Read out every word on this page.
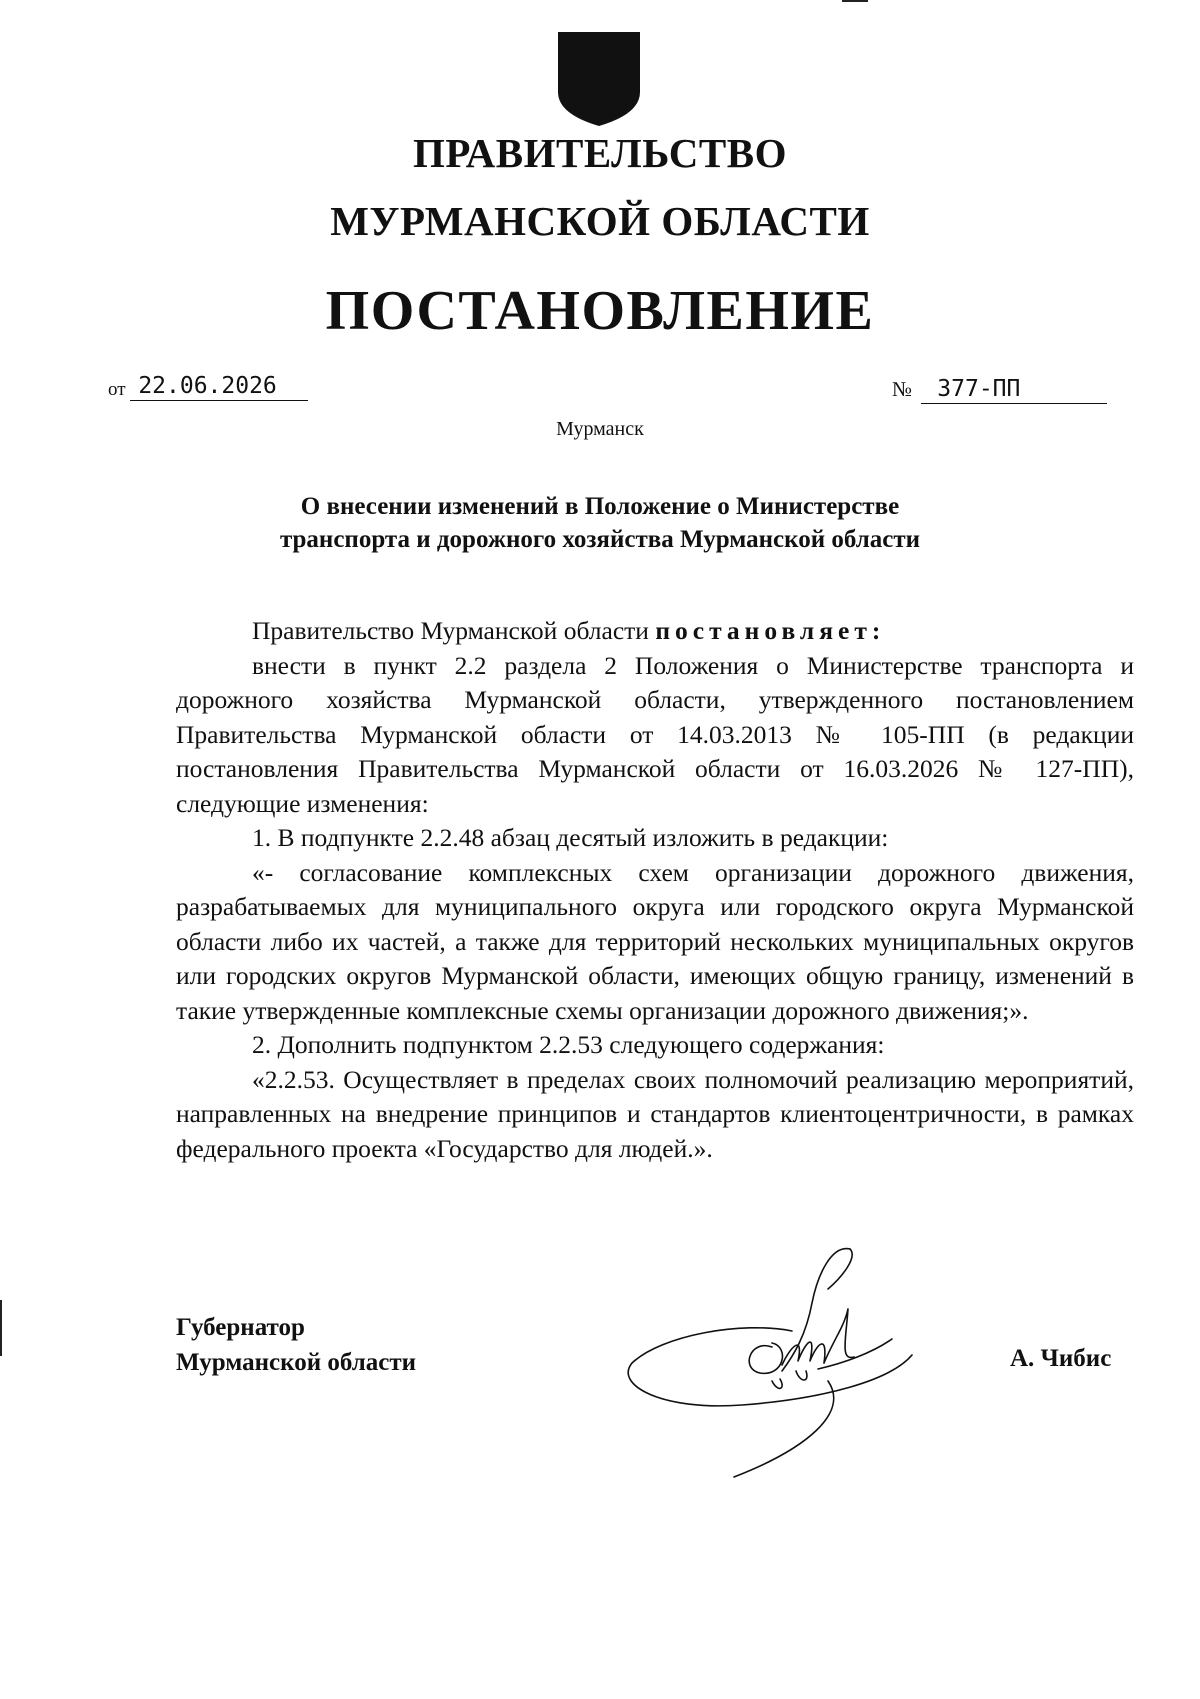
ПРАВИТЕЛЬСТВО
МУРМАНСКОЙ ОБЛАСТИ
ПОСТАНОВЛЕНИЕ
от 22.06.2026	№ 377-ПП
Мурманск
О внесении изменений в Положение о Министерстве
транспорта и дорожного хозяйства Мурманской области

Правительство Мурманской области постановляет:

внести в пункт 2.2 раздела 2 Положения о Министерстве транспорта и дорожного хозяйства Мурманской области, утвержденного постановлением Правительства Мурманской области от 14.03.2013 № 105-ПП (в редакции постановления Правительства Мурманской области от 16.03.2026 № 127-ПП), следующие изменения:

1. В подпункте 2.2.48 абзац десятый изложить в редакции:

«- согласование комплексных схем организации дорожного движения, разрабатываемых для муниципального округа или городского округа Мурманской области либо их частей, а также для территорий нескольких муниципальных округов или городских округов Мурманской области, имеющих общую границу, изменений в такие утвержденные комплексные схемы организации дорожного движения;».

2. Дополнить подпунктом 2.2.53 следующего содержания:

«2.2.53. Осуществляет в пределах своих полномочий реализацию мероприятий, направленных на внедрение принципов и стандартов клиентоцентричности, в рамках федерального проекта «Государство для людей.».

Губернатор
Мурманской области	А. Чибис
